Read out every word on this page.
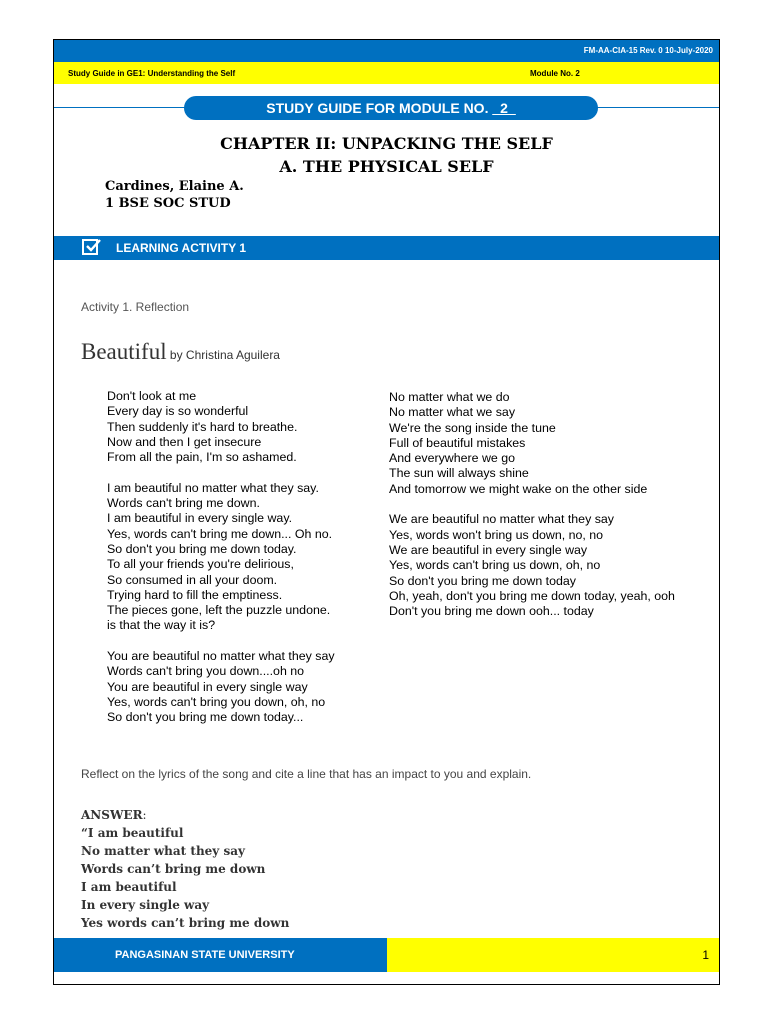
FM-AA-CIA-15 Rev. 0 10-July-2020
Study Guide in GE1: Understanding the Self	Module No. 2
STUDY GUIDE FOR MODULE NO. _2_
CHAPTER II: UNPACKING THE SELF
A. THE PHYSICAL SELF
Cardines, Elaine A.
1 BSE SOC STUD
LEARNING ACTIVITY 1
Activity 1. Reflection
Beautiful by Christina Aguilera
Don't look at me
Every day is so wonderful
Then suddenly it's hard to breathe.
Now and then I get insecure
From all the pain, I'm so ashamed.
I am beautiful no matter what they say.
Words can't bring me down.
I am beautiful in every single way.
Yes, words can't bring me down... Oh no.
So don't you bring me down today.
To all your friends you're delirious,
So consumed in all your doom.
Trying hard to fill the emptiness.
The pieces gone, left the puzzle undone.
is that the way it is?
You are beautiful no matter what they say
Words can't bring you down....oh no
You are beautiful in every single way
Yes, words can't bring you down, oh, no
So don't you bring me down today...
No matter what we do
No matter what we say
We're the song inside the tune
Full of beautiful mistakes
And everywhere we go
The sun will always shine
And tomorrow we might wake on the other side
We are beautiful no matter what they say
Yes, words won't bring us down, no, no
We are beautiful in every single way
Yes, words can't bring us down, oh, no
So don't you bring me down today
Oh, yeah, don't you bring me down today, yeah, ooh
Don't you bring me down ooh... today
Reflect on the lyrics of the song and cite a line that has an impact to you and explain.
ANSWER:
“I am beautiful
No matter what they say
Words can’t bring me down
I am beautiful
In every single way
Yes words can’t bring me down
PANGASINAN STATE UNIVERSITY	1
